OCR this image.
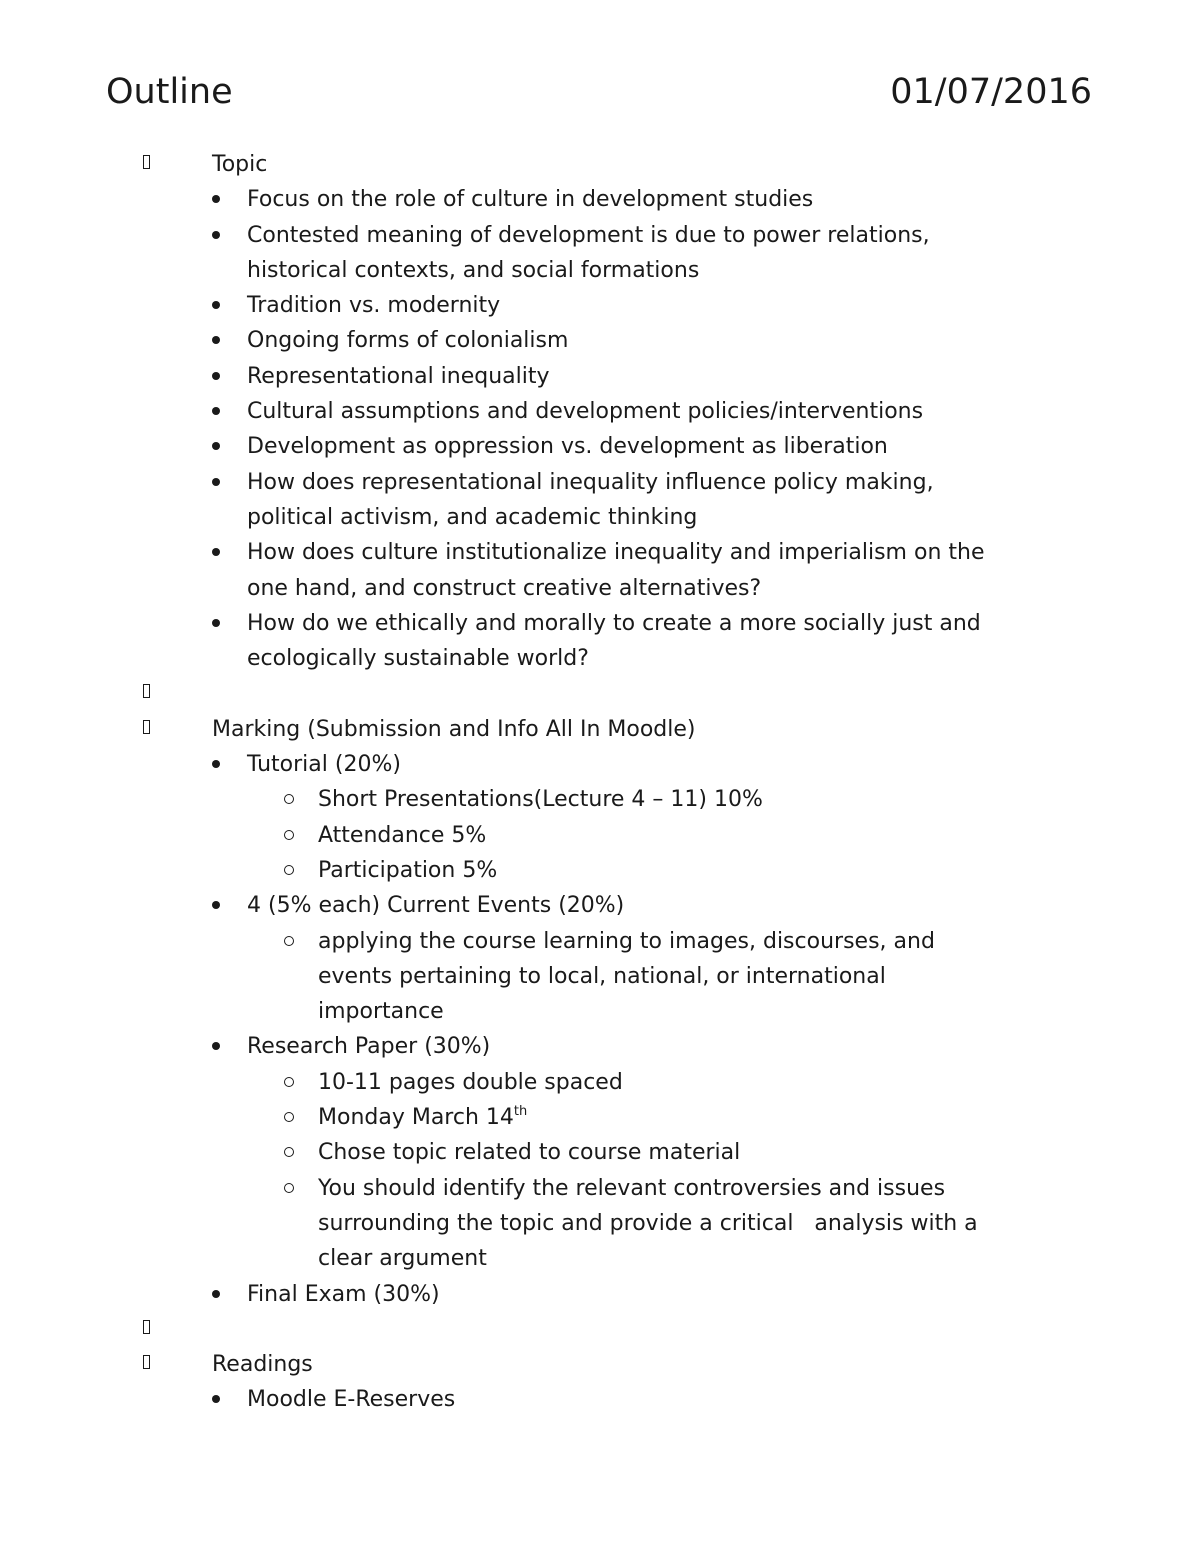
Outline	01/07/2016
Topic
Focus on the role of culture in development studies
Contested meaning of development is due to power relations,
historical contexts, and social formations
Tradition vs. modernity
Ongoing forms of colonialism
Representational inequality
Cultural assumptions and development policies/interventions
Development as oppression vs. development as liberation
How does representational inequality influence policy making,
political activism, and academic thinking
How does culture institutionalize inequality and imperialism on the
one hand, and construct creative alternatives?
How do we ethically and morally to create a more socially just and
ecologically sustainable world?
Marking (Submission and Info All In Moodle)
Tutorial (20%)
Short Presentations(Lecture 4 – 11) 10%
Attendance 5%
Participation 5%
4 (5% each) Current Events (20%)
applying the course learning to images, discourses, and
events pertaining to local, national, or international
importance
Research Paper (30%)
10-11 pages double spaced
Monday March 14th
Chose topic related to course material
You should identify the relevant controversies and issues
surrounding the topic and provide a critical   analysis with a
clear argument
Final Exam (30%)
Readings
Moodle E-Reserves
